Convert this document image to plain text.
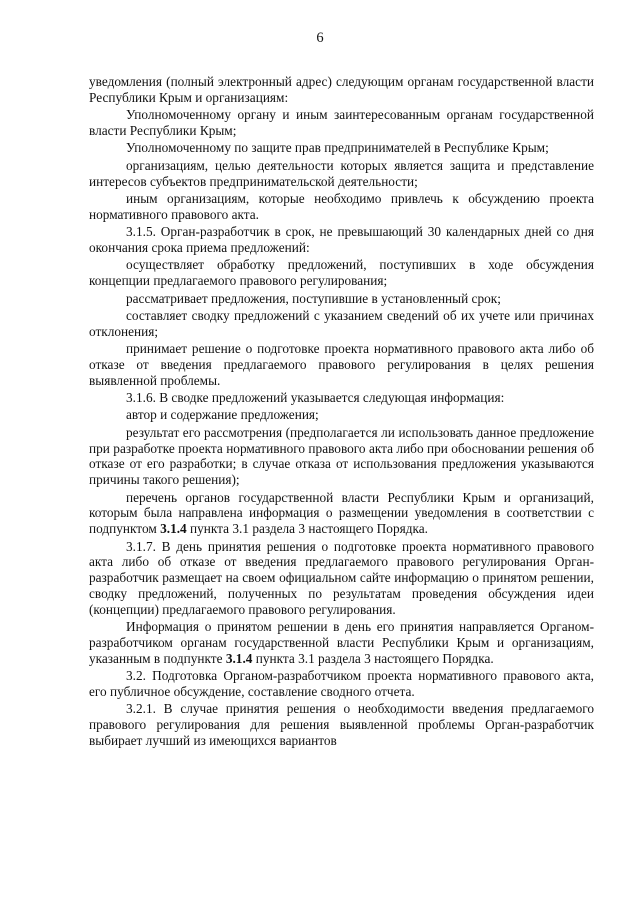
6

уведомления (полный электронный адрес) следующим органам государственной власти Республики Крым и организациям:

Уполномоченному органу и иным заинтересованным органам государственной власти Республики Крым;

Уполномоченному по защите прав предпринимателей в Республике Крым;

организациям, целью деятельности которых является защита и представление интересов субъектов предпринимательской деятельности;

иным организациям, которые необходимо привлечь к обсуждению проекта нормативного правового акта.

3.1.5. Орган-разработчик в срок, не превышающий 30 календарных дней со дня окончания срока приема предложений:

осуществляет обработку предложений, поступивших в ходе обсуждения концепции предлагаемого правового регулирования;

рассматривает предложения, поступившие в установленный срок;

составляет сводку предложений с указанием сведений об их учете или причинах отклонения;

принимает решение о подготовке проекта нормативного правового акта либо об отказе от введения предлагаемого правового регулирования в целях решения выявленной проблемы.

3.1.6. В сводке предложений указывается следующая информация:

автор и содержание предложения;

результат его рассмотрения (предполагается ли использовать данное предложение при разработке проекта нормативного правового акта либо при обосновании решения об отказе от его разработки; в случае отказа от использования предложения указываются причины такого решения);

перечень органов государственной власти Республики Крым и организаций, которым была направлена информация о размещении уведомления в соответствии с подпунктом 3.1.4 пункта 3.1 раздела 3 настоящего Порядка.

3.1.7. В день принятия решения о подготовке проекта нормативного правового акта либо об отказе от введения предлагаемого правового регулирования Орган-разработчик размещает на своем официальном сайте информацию о принятом решении, сводку предложений, полученных по результатам проведения обсуждения идеи (концепции) предлагаемого правового регулирования.

Информация о принятом решении в день его принятия направляется Органом-разработчиком органам государственной власти Республики Крым и организациям, указанным в подпункте 3.1.4 пункта 3.1 раздела 3 настоящего Порядка.

3.2. Подготовка Органом-разработчиком проекта нормативного правового акта, его публичное обсуждение, составление сводного отчета.

3.2.1. В случае принятия решения о необходимости введения предлагаемого правового регулирования для решения выявленной проблемы Орган-разработчик выбирает лучший из имеющихся вариантов
